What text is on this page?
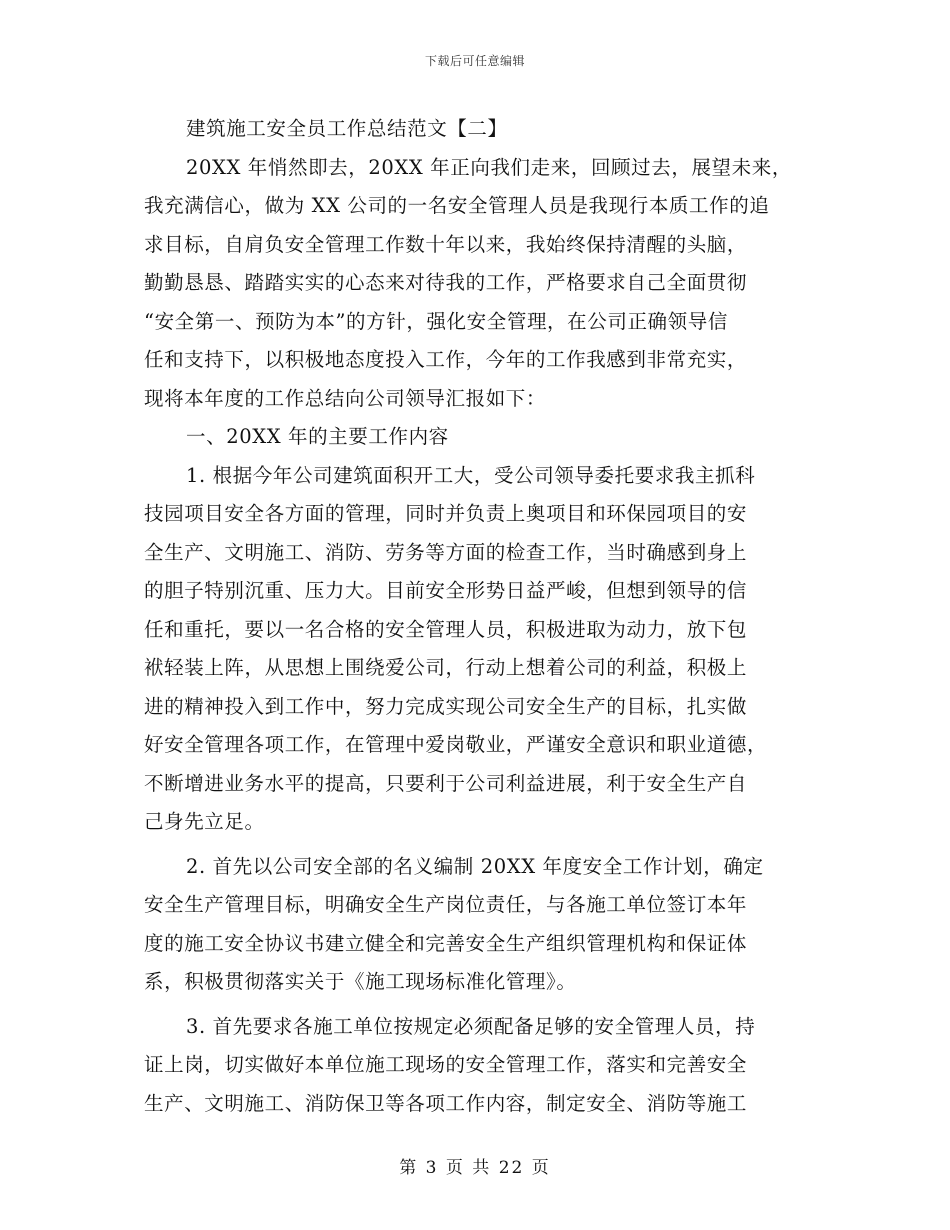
下载后可任意编辑
建筑施工安全员工作总结范文【二】
20XX 年悄然即去，20XX 年正向我们走来，回顾过去，展望未来，
我充满信心，做为 XX 公司的一名安全管理人员是我现行本质工作的追
求目标，自肩负安全管理工作数十年以来，我始终保持清醒的头脑，
勤勤恳恳、踏踏实实的心态来对待我的工作，严格要求自己全面贯彻
“安全第一、预防为本”的方针，强化安全管理，在公司正确领导信
任和支持下，以积极地态度投入工作，今年的工作我感到非常充实，
现将本年度的工作总结向公司领导汇报如下：
一、20XX 年的主要工作内容
1. 根据今年公司建筑面积开工大，受公司领导委托要求我主抓科
技园项目安全各方面的管理，同时并负责上奥项目和环保园项目的安
全生产、文明施工、消防、劳务等方面的检查工作，当时确感到身上
的胆子特别沉重、压力大。目前安全形势日益严峻，但想到领导的信
任和重托，要以一名合格的安全管理人员，积极进取为动力，放下包
袱轻装上阵，从思想上围绕爱公司，行动上想着公司的利益，积极上
进的精神投入到工作中，努力完成实现公司安全生产的目标，扎实做
好安全管理各项工作，在管理中爱岗敬业，严谨安全意识和职业道德，
不断增进业务水平的提高，只要利于公司利益进展，利于安全生产自
己身先立足。
2. 首先以公司安全部的名义编制 20XX 年度安全工作计划，确定
安全生产管理目标，明确安全生产岗位责任，与各施工单位签订本年
度的施工安全协议书建立健全和完善安全生产组织管理机构和保证体
系，积极贯彻落实关于《施工现场标准化管理》。
3. 首先要求各施工单位按规定必须配备足够的安全管理人员，持
证上岗，切实做好本单位施工现场的安全管理工作，落实和完善安全
生产、文明施工、消防保卫等各项工作内容，制定安全、消防等施工
第 3 页 共 22 页
